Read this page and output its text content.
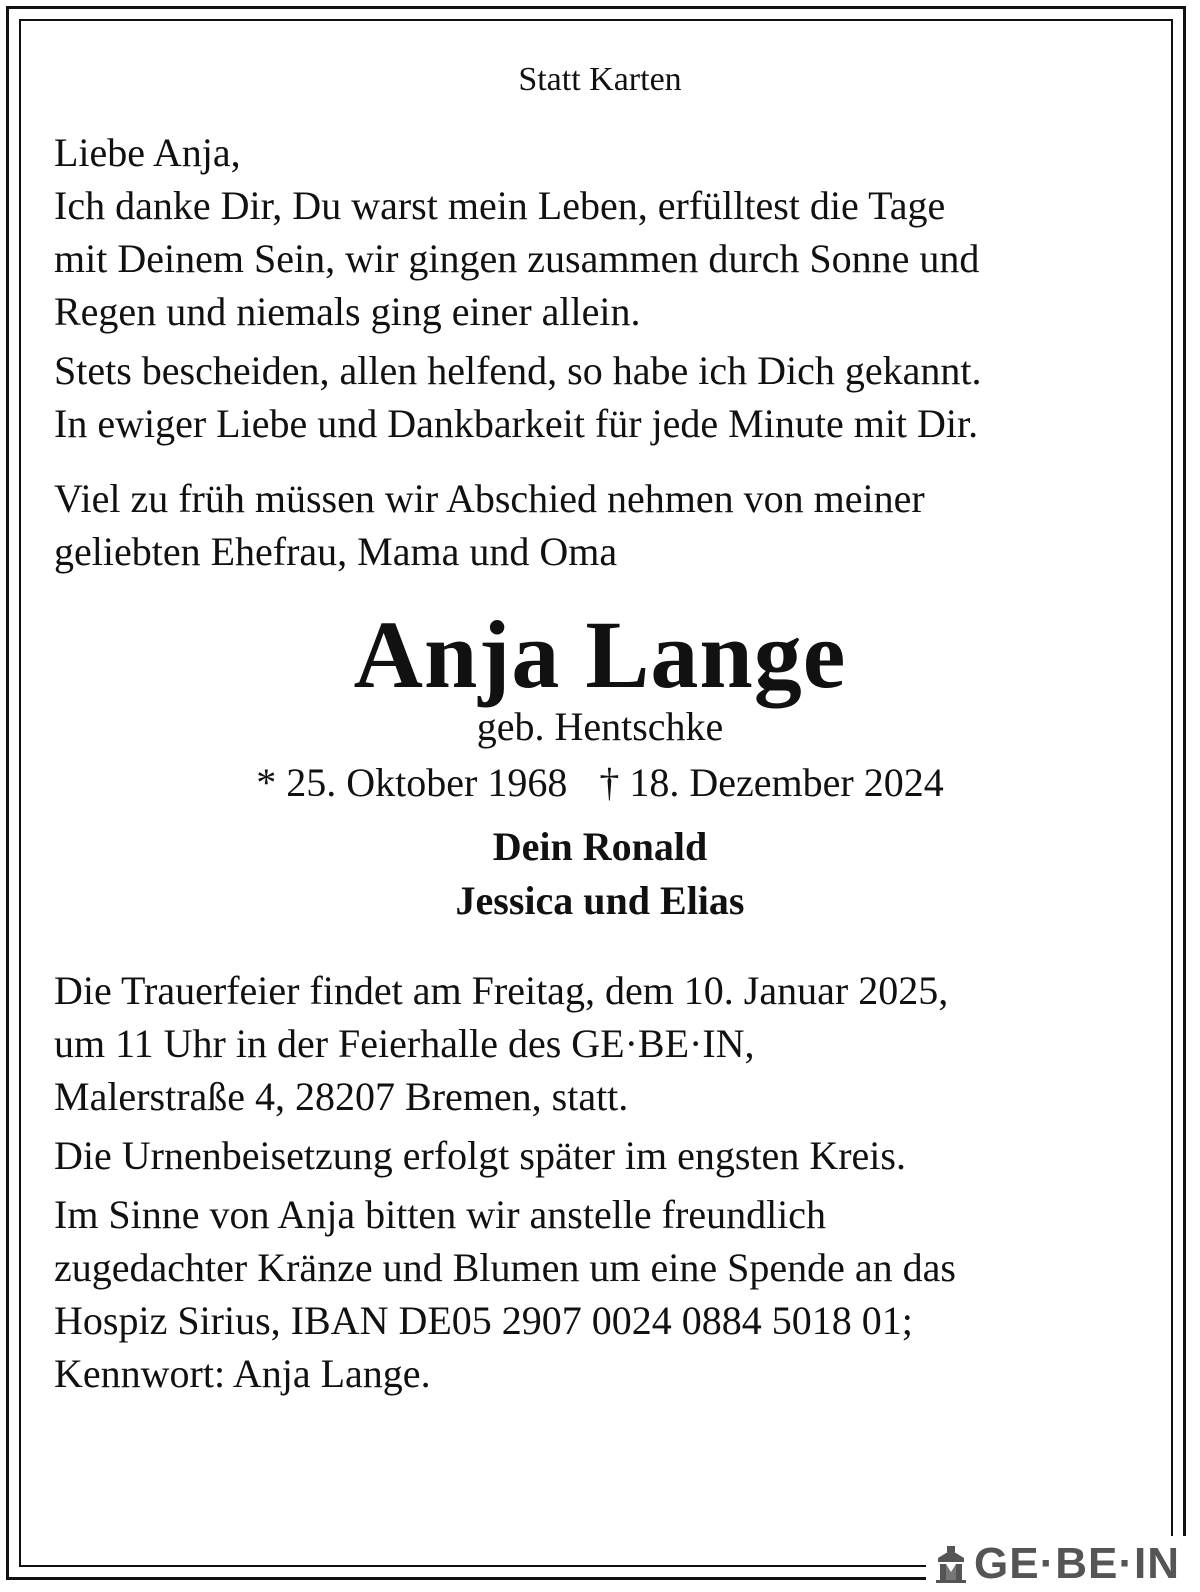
Statt Karten
Liebe Anja,
Ich danke Dir, Du warst mein Leben, erfülltest die Tage
mit Deinem Sein, wir gingen zusammen durch Sonne und
Regen und niemals ging einer allein.
Stets bescheiden, allen helfend, so habe ich Dich gekannt.
In ewiger Liebe und Dankbarkeit für jede Minute mit Dir.
Viel zu früh müssen wir Abschied nehmen von meiner
geliebten Ehefrau, Mama und Oma
Anja Lange
geb. Hentschke
* 25. Oktober 1968 † 18. Dezember 2024
Dein Ronald
Jessica und Elias
Die Trauerfeier findet am Freitag, dem 10. Januar 2025,
um 11 Uhr in der Feierhalle des GE·BE·IN,
Malerstraße 4, 28207 Bremen, statt.
Die Urnenbeisetzung erfolgt später im engsten Kreis.
Im Sinne von Anja bitten wir anstelle freundlich
zugedachter Kränze und Blumen um eine Spende an das
Hospiz Sirius, IBAN DE05 2907 0024 0884 5018 01;
Kennwort: Anja Lange.
GE·BE·IN
